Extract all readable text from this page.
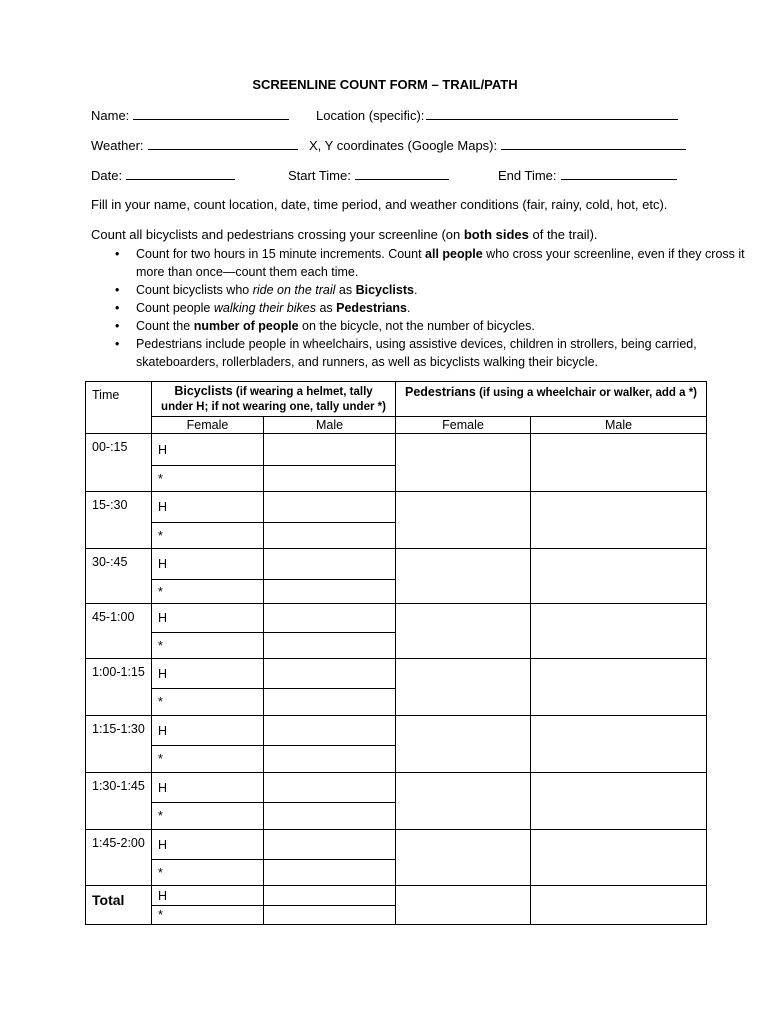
SCREENLINE COUNT FORM – TRAIL/PATH
Name:	Location (specific):
Weather:	X, Y coordinates (Google Maps):
Date:	Start Time:	End Time:
Fill in your name, count location, date, time period, and weather conditions (fair, rainy, cold, hot, etc).
Count all bicyclists and pedestrians crossing your screenline (on both sides of the trail).
• Count for two hours in 15 minute increments. Count all people who cross your screenline, even if they cross it more than once—count them each time.
• Count bicyclists who ride on the trail as Bicyclists.
• Count people walking their bikes as Pedestrians.
• Count the number of people on the bicycle, not the number of bicycles.
• Pedestrians include people in wheelchairs, using assistive devices, children in strollers, being carried, skateboarders, rollerbladers, and runners, as well as bicyclists walking their bicycle.
Time	Bicyclists (if wearing a helmet, tally under H; if not wearing one, tally under *)		Pedestrians (if using a wheelchair or walker, add a *)	
	Female	Male	Female	Male
00-:15	H			
	*			
15-:30	H			
	*			
30-:45	H			
	*			
45-1:00	H			
	*			
1:00-1:15	H			
	*			
1:15-1:30	H			
	*			
1:30-1:45	H			
	*			
1:45-2:00	H			
	*			
Total	H			
	*			
